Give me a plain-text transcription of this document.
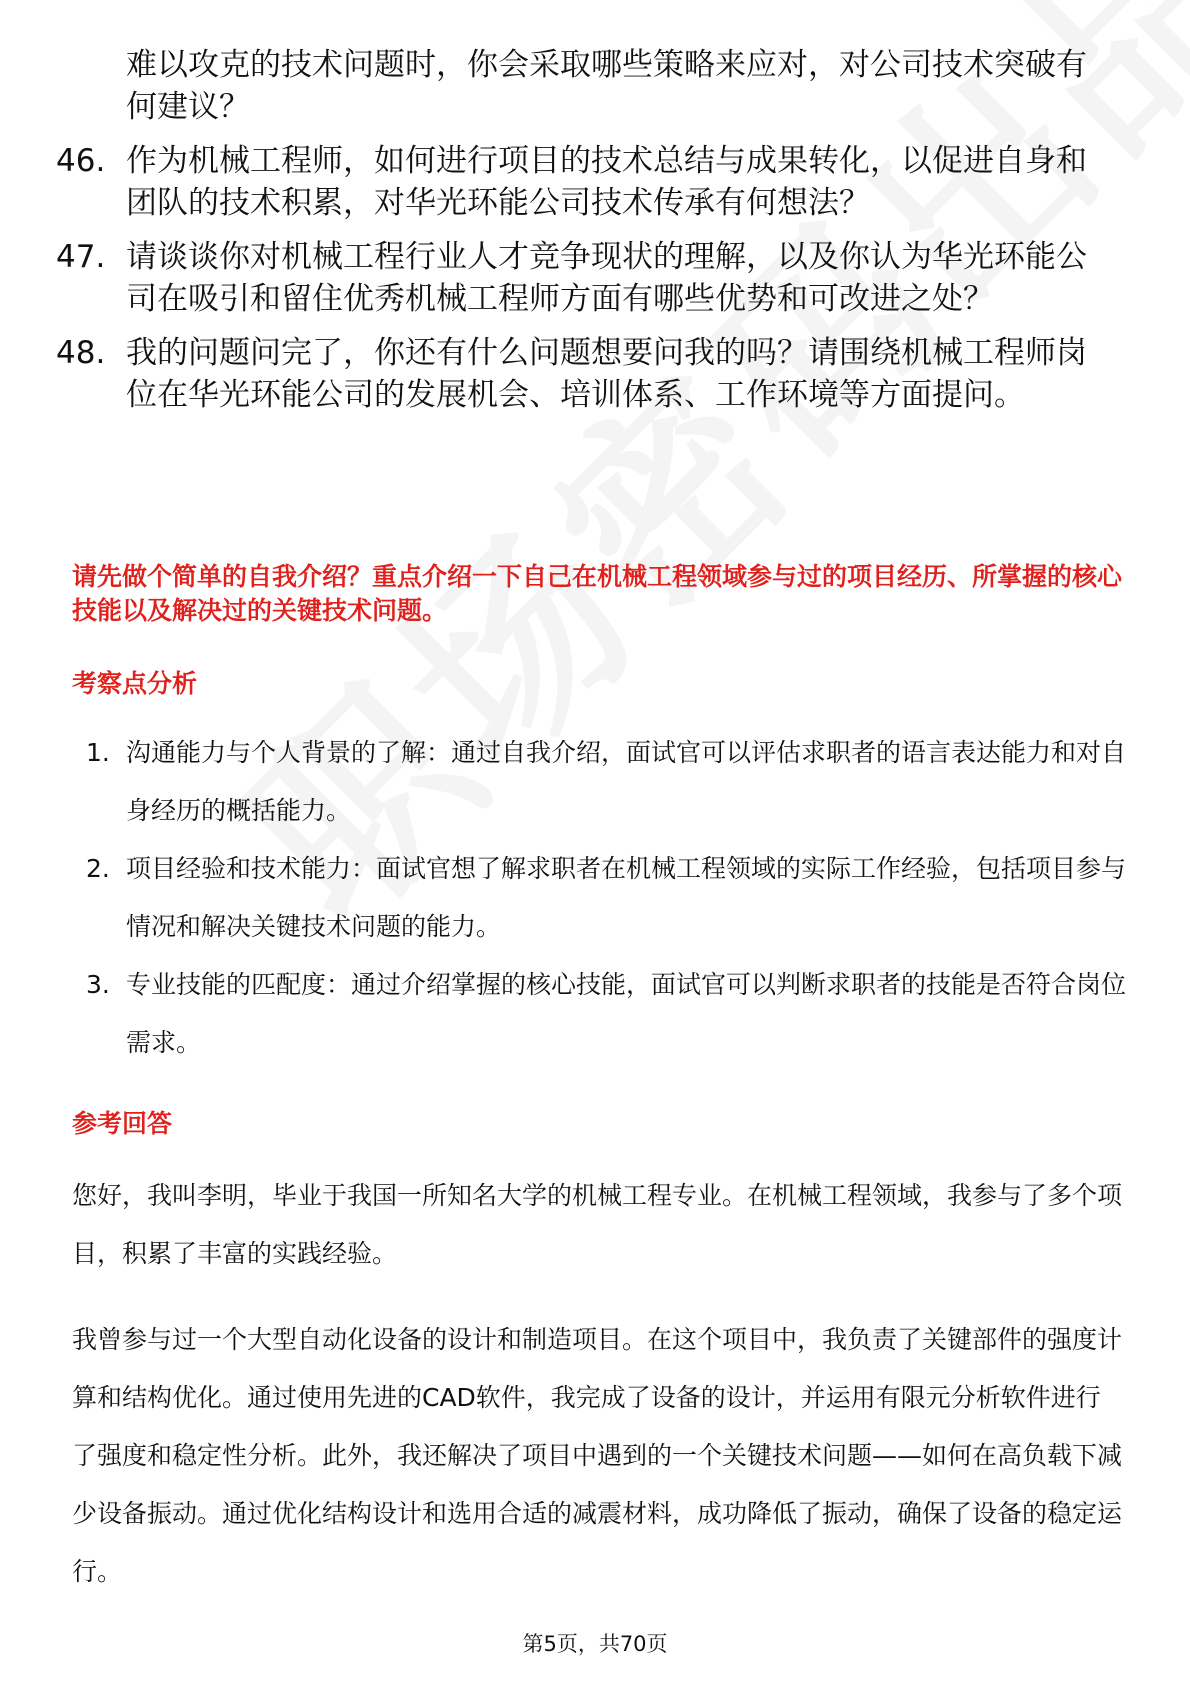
难以攻克的技术问题时，你会采取哪些策略来应对，对公司技术突破有何建议？
46. 作为机械工程师，如何进行项目的技术总结与成果转化，以促进自身和团队的技术积累，对华光环能公司技术传承有何想法？
47. 请谈谈你对机械工程行业人才竞争现状的理解，以及你认为华光环能公司在吸引和留住优秀机械工程师方面有哪些优势和可改进之处？
48. 我的问题问完了，你还有什么问题想要问我的吗？请围绕机械工程师岗位在华光环能公司的发展机会、培训体系、工作环境等方面提问。
请先做个简单的自我介绍？重点介绍一下自己在机械工程领域参与过的项目经历、所掌握的核心技能以及解决过的关键技术问题。
考察点分析
1. 沟通能力与个人背景的了解：通过自我介绍，面试官可以评估求职者的语言表达能力和对自身经历的概括能力。
2. 项目经验和技术能力：面试官想了解求职者在机械工程领域的实际工作经验，包括项目参与情况和解决关键技术问题的能力。
3. 专业技能的匹配度：通过介绍掌握的核心技能，面试官可以判断求职者的技能是否符合岗位需求。
参考回答
您好，我叫李明，毕业于我国一所知名大学的机械工程专业。在机械工程领域，我参与了多个项目，积累了丰富的实践经验。
我曾参与过一个大型自动化设备的设计和制造项目。在这个项目中，我负责了关键部件的强度计算和结构优化。通过使用先进的CAD软件，我完成了设备的设计，并运用有限元分析软件进行了强度和稳定性分析。此外，我还解决了项目中遇到的一个关键技术问题——如何在高负载下减少设备振动。通过优化结构设计和选用合适的减震材料，成功降低了振动，确保了设备的稳定运行。
第5页，共70页
